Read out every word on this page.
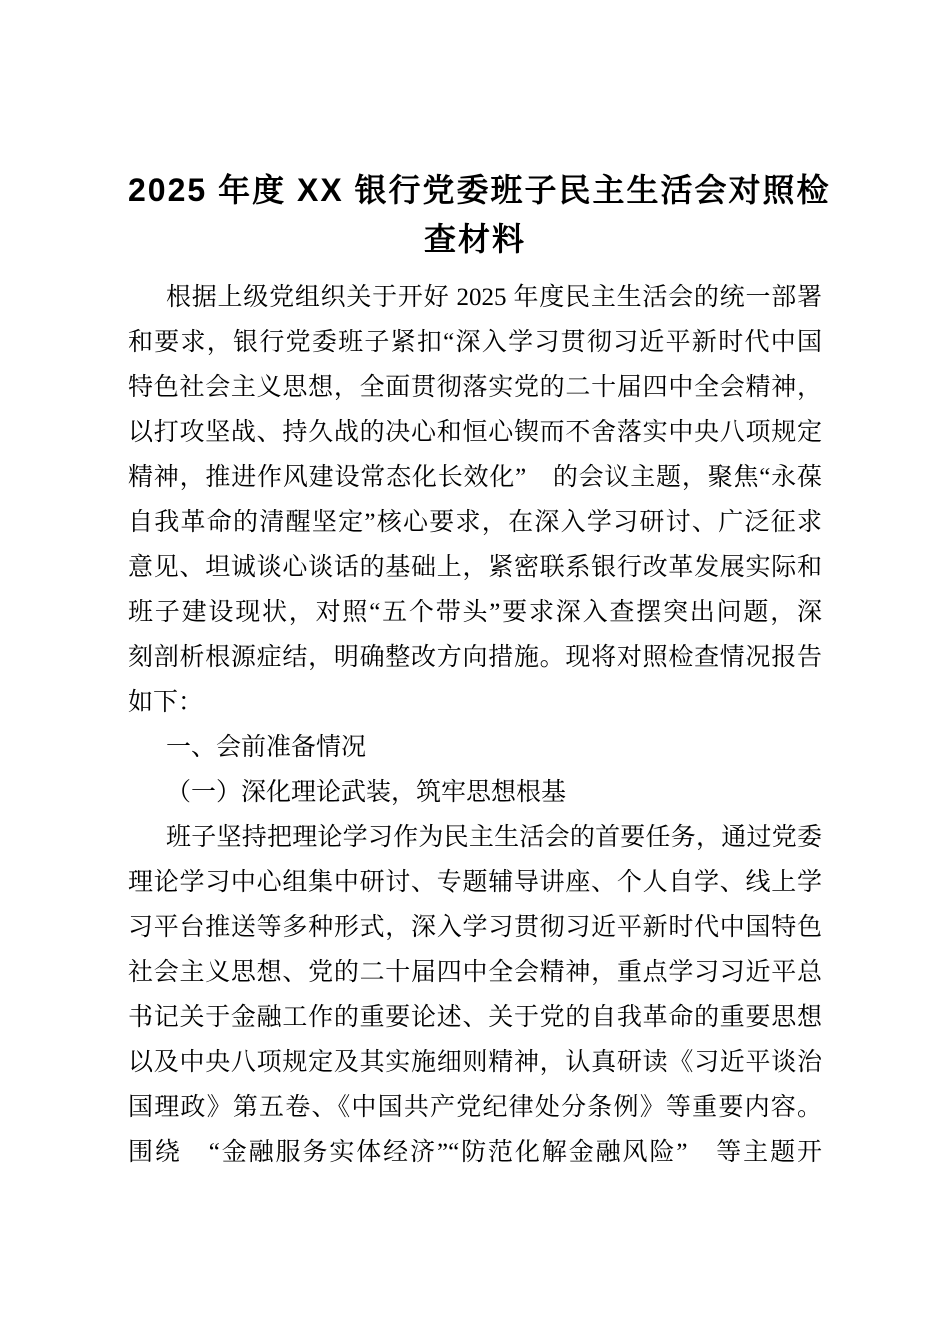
2025 年度 XX 银行党委班子民主生活会对照检
查材料
根据上级党组织关于开好 2025 年度民主生活会的统一部署
和要求，银行党委班子紧扣“深入学习贯彻习近平新时代中国
特色社会主义思想，全面贯彻落实党的二十届四中全会精神，
以打攻坚战、持久战的决心和恒心锲而不舍落实中央八项规定
精神，推进作风建设常态化长效化”　的会议主题，聚焦“永葆
自我革命的清醒坚定”核心要求，在深入学习研讨、广泛征求
意见、坦诚谈心谈话的基础上，紧密联系银行改革发展实际和
班子建设现状，对照“五个带头”要求深入查摆突出问题，深
刻剖析根源症结，明确整改方向措施。现将对照检查情况报告
如下：
一、会前准备情况
（一）深化理论武装，筑牢思想根基
班子坚持把理论学习作为民主生活会的首要任务，通过党委
理论学习中心组集中研讨、专题辅导讲座、个人自学、线上学
习平台推送等多种形式，深入学习贯彻习近平新时代中国特色
社会主义思想、党的二十届四中全会精神，重点学习习近平总
书记关于金融工作的重要论述、关于党的自我革命的重要思想
以及中央八项规定及其实施细则精神，认真研读《习近平谈治
国理政》第五卷、《中国共产党纪律处分条例》等重要内容。
围绕　“金融服务实体经济”“防范化解金融风险”　等主题开
